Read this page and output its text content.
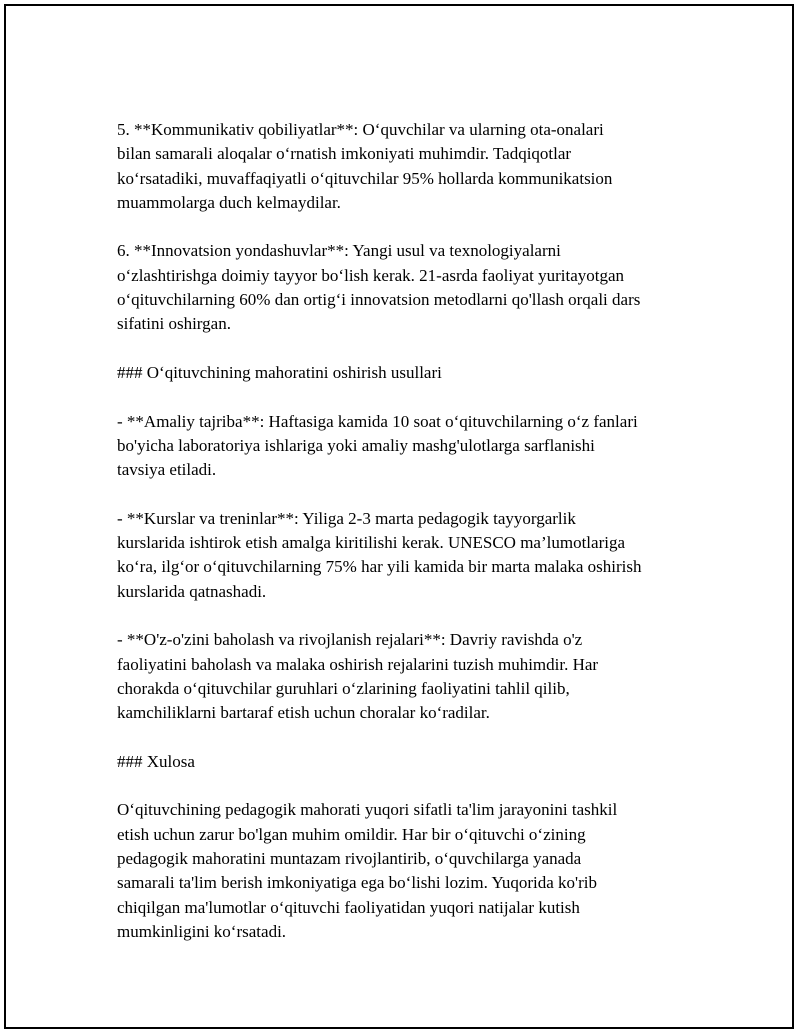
5. **Kommunikativ qobiliyatlar**: O‘quvchilar va ularning ota-onalari
bilan samarali aloqalar o‘rnatish imkoniyati muhimdir. Tadqiqotlar
ko‘rsatadiki, muvaffaqiyatli o‘qituvchilar 95% hollarda kommunikatsion
muammolarga duch kelmaydilar.

6. **Innovatsion yondashuvlar**: Yangi usul va texnologiyalarni
o‘zlashtirishga doimiy tayyor bo‘lish kerak. 21-asrda faoliyat yuritayotgan
o‘qituvchilarning 60% dan ortig‘i innovatsion metodlarni qo'llash orqali dars
sifatini oshirgan.

### O‘qituvchining mahoratini oshirish usullari

- **Amaliy tajriba**: Haftasiga kamida 10 soat o‘qituvchilarning o‘z fanlari
bo'yicha laboratoriya ishlariga yoki amaliy mashg'ulotlarga sarflanishi
tavsiya etiladi.

- **Kurslar va treninlar**: Yiliga 2-3 marta pedagogik tayyorgarlik
kurslarida ishtirok etish amalga kiritilishi kerak. UNESCO ma’lumotlariga
ko‘ra, ilg‘or o‘qituvchilarning 75% har yili kamida bir marta malaka oshirish
kurslarida qatnashadi.

- **O'z-o'zini baholash va rivojlanish rejalari**: Davriy ravishda o'z
faoliyatini baholash va malaka oshirish rejalarini tuzish muhimdir. Har
chorakda o‘qituvchilar guruhlari o‘zlarining faoliyatini tahlil qilib,
kamchiliklarni bartaraf etish uchun choralar ko‘radilar.

### Xulosa

O‘qituvchining pedagogik mahorati yuqori sifatli ta'lim jarayonini tashkil
etish uchun zarur bo'lgan muhim omildir. Har bir o‘qituvchi o‘zining
pedagogik mahoratini muntazam rivojlantirib, o‘quvchilarga yanada
samarali ta'lim berish imkoniyatiga ega bo‘lishi lozim. Yuqorida ko'rib
chiqilgan ma'lumotlar o‘qituvchi faoliyatidan yuqori natijalar kutish
mumkinligini ko‘rsatadi.
